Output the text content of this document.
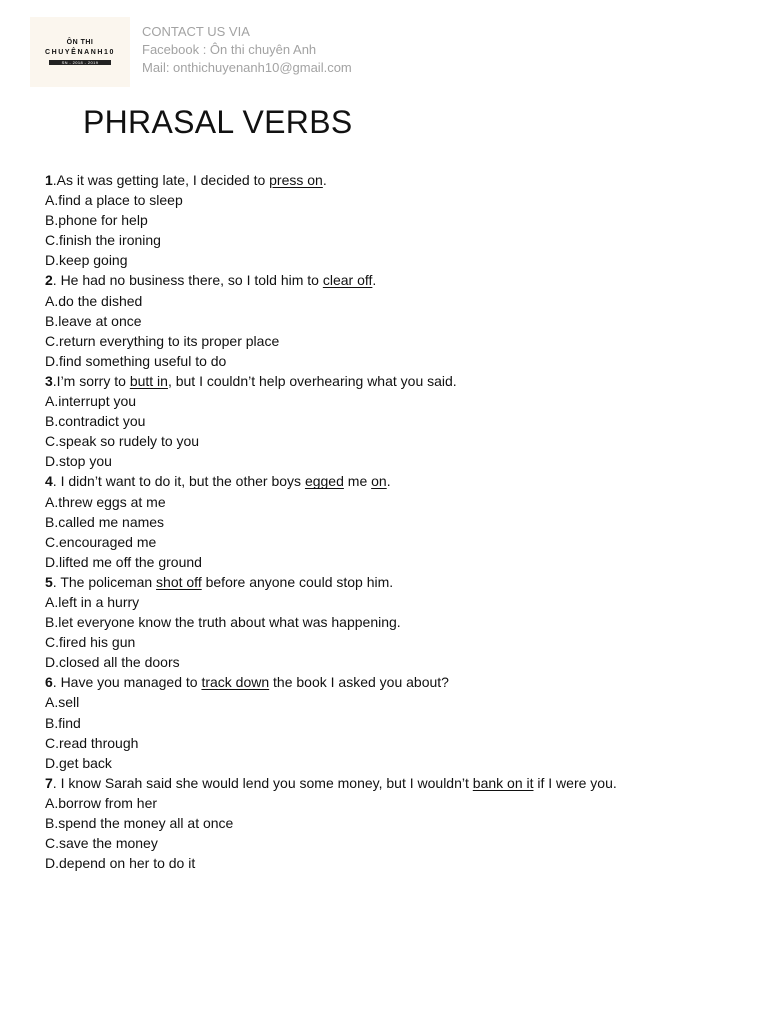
ÔN THI
CHUYÊNANH10
SN - 2018 - 2019
CONTACT US VIA
Facebook : Ôn thi chuyên Anh
Mail: onthichuyenanh10@gmail.com
PHRASAL VERBS
1.As it was getting late, I decided to press on.
A.find a place to sleep
B.phone for help
C.finish the ironing
D.keep going
2. He had no business there, so I told him to clear off.
A.do the dished
B.leave at once
C.return everything to its proper place
D.find something useful to do
3.I’m sorry to butt in, but I couldn’t help overhearing what you said.
A.interrupt you
B.contradict you
C.speak so rudely to you
D.stop you
4. I didn’t want to do it, but the other boys egged me on.
A.threw eggs at me
B.called me names
C.encouraged me
D.lifted me off the ground
5. The policeman shot off before anyone could stop him.
A.left in a hurry
B.let everyone know the truth about what was happening.
C.fired his gun
D.closed all the doors
6. Have you managed to track down the book I asked you about?
A.sell
B.find
C.read through
D.get back
7. I know Sarah said she would lend you some money, but I wouldn’t bank on it if I were you.
A.borrow from her
B.spend the money all at once
C.save the money
D.depend on her to do it
